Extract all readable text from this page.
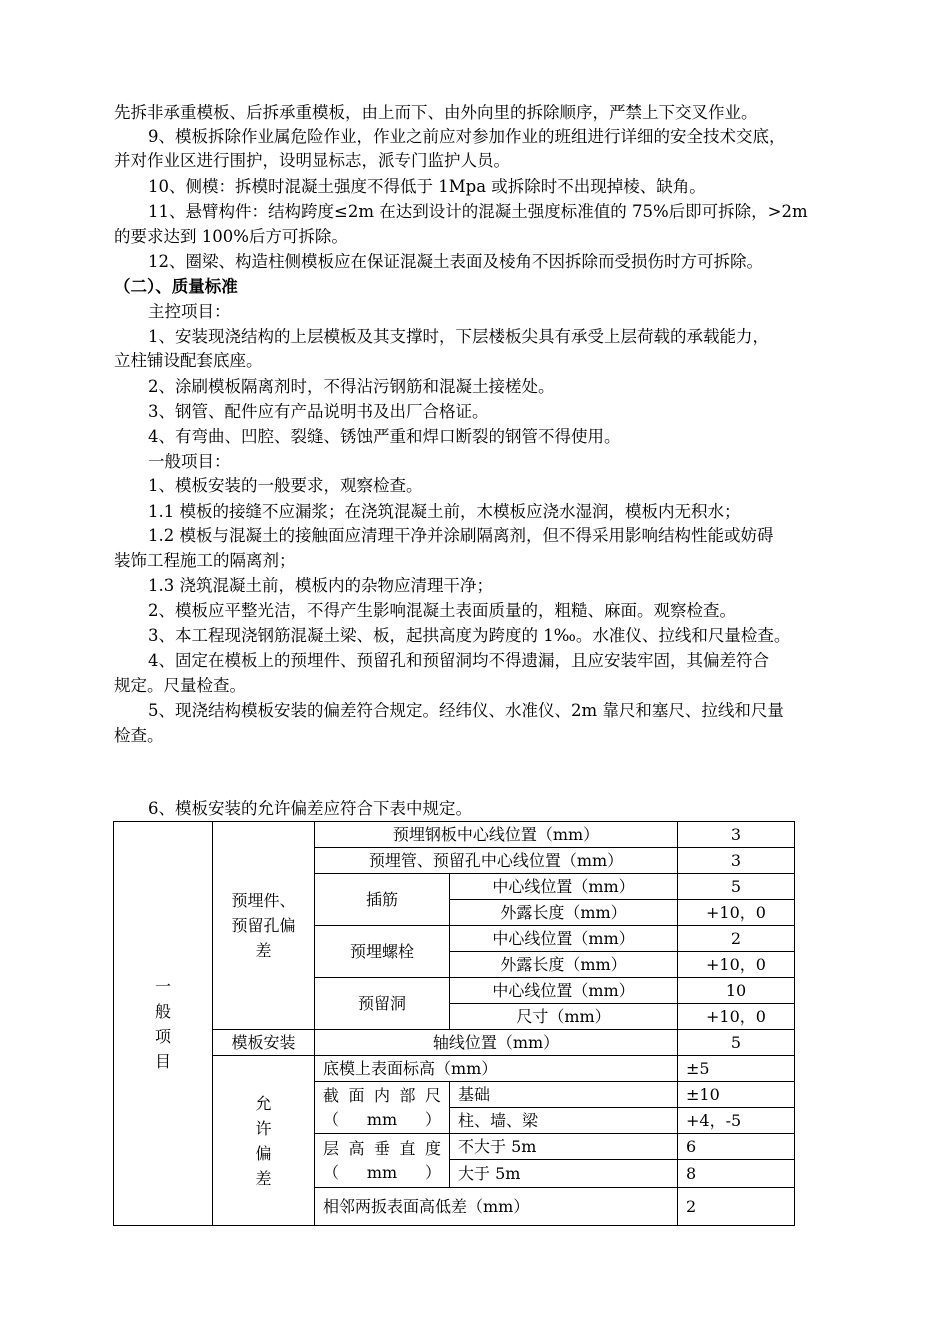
先拆非承重模板、后拆承重模板，由上而下、由外向里的拆除顺序，严禁上下交叉作业。
9、模板拆除作业属危险作业，作业之前应对参加作业的班组进行详细的安全技术交底，
并对作业区进行围护，设明显标志，派专门监护人员。
10、侧模：拆模时混凝土强度不得低于 1Mpa 或拆除时不出现掉棱、缺角。
11、悬臂构件：结构跨度≤2m 在达到设计的混凝土强度标准值的 75%后即可拆除，>2m
的要求达到 100%后方可拆除。
12、圈梁、构造柱侧模板应在保证混凝土表面及棱角不因拆除而受损伤时方可拆除。
（二）、质量标准
主控项目：
1、安装现浇结构的上层模板及其支撑时，下层楼板尖具有承受上层荷载的承载能力，
立柱铺设配套底座。
2、涂刷模板隔离剂时，不得沾污钢筋和混凝土接槎处。
3、钢管、配件应有产品说明书及出厂合格证。
4、有弯曲、凹腔、裂缝、锈蚀严重和焊口断裂的钢管不得使用。
一般项目：
1、模板安装的一般要求，观察检查。
1.1 模板的接缝不应漏浆；在浇筑混凝土前，木模板应浇水湿润，模板内无积水；
1.2 模板与混凝土的接触面应清理干净并涂刷隔离剂，但不得采用影响结构性能或妨碍
装饰工程施工的隔离剂；
1.3 浇筑混凝土前，模板内的杂物应清理干净；
2、模板应平整光洁，不得产生影响混凝土表面质量的，粗糙、麻面。观察检查。
3、本工程现浇钢筋混凝土梁、板，起拱高度为跨度的 1‰。水准仪、拉线和尺量检查。
4、固定在模板上的预埋件、预留孔和预留洞均不得遗漏，且应安装牢固，其偏差符合
规定。尺量检查。
5、现浇结构模板安装的偏差符合规定。经纬仪、水准仪、2m 靠尺和塞尺、拉线和尺量
检查。
6、模板安装的允许偏差应符合下表中规定。
一般项目	预埋件、预留孔偏差	预埋钢板中心线位置（mm）		3
		预埋管、预留孔中心线位置（mm）		3
		插筋	中心线位置（mm）	5
			外露长度（mm）	+10，0
		预埋螺栓	中心线位置（mm）	2
			外露长度（mm）	+10，0
		预留洞	中心线位置（mm）	10
			尺寸（mm）	+10，0
	模板安装	轴线位置（mm）		5

	允许偏差	底模上表面标高（mm）		±5
		截面内部尺（mm）	基础	±10
			柱、墙、梁	+4，-5
		层高垂直度（mm）	不大于 5m	6
			大于 5m	8
		相邻两扳表面高低差（mm）		2
